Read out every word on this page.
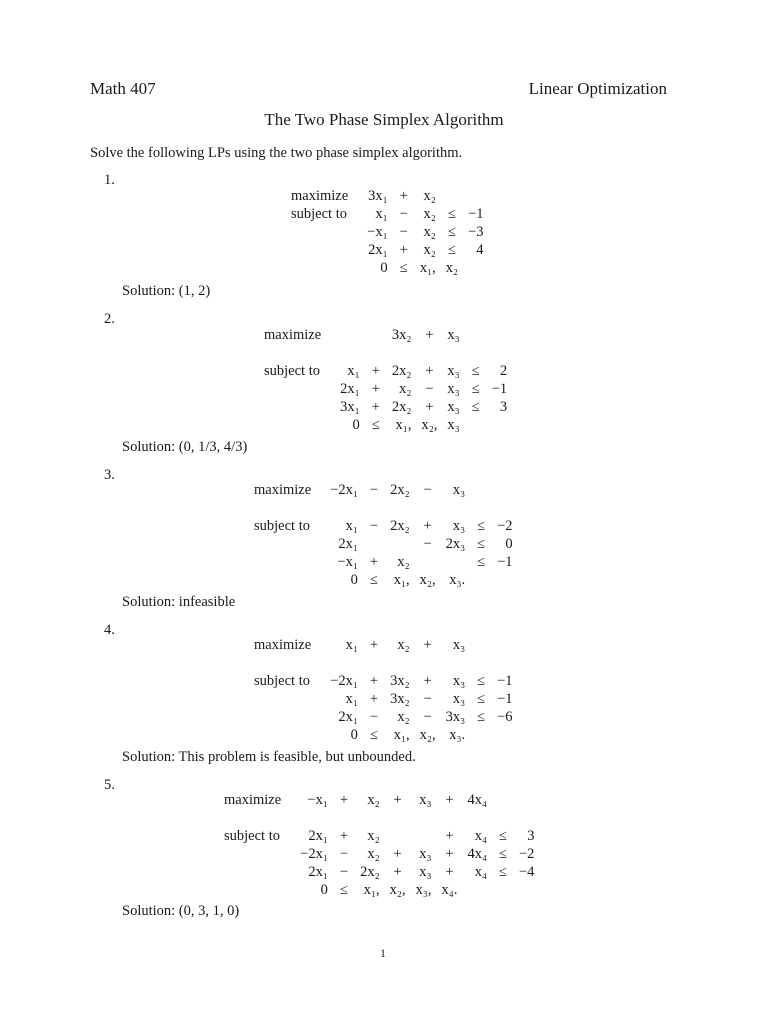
Math 407	Linear Optimization
The Two Phase Simplex Algorithm
Solve the following LPs using the two phase simplex algorithm.
1.
maximize	3x₁	+	x₂		
subject to	x₁	−	x₂	≤	−1
	−x₁	−	x₂	≤	−3
	2x₁	+	x₂	≤	4
	0	≤	x₁,	x₂	
Solution: (1, 2)
2.
maximize			3x₂	+	x₃		

subject to	x₁	+	2x₂	+	x₃	≤	2
	2x₁	+	x₂	−	x₃	≤	−1
	3x₁	+	2x₂	+	x₃	≤	3
	0	≤	x₁,	x₂,	x₃		
Solution: (0, 1/3, 4/3)
3.
maximize	−2x₁	−	2x₂	−	x₃		

subject to	x₁	−	2x₂	+	x₃	≤	−2
	2x₁			−	2x₃	≤	0
	−x₁	+	x₂			≤	−1
	0	≤	x₁,	x₂,	x₃.		
Solution: infeasible
4.
maximize	x₁	+	x₂	+	x₃		

subject to	−2x₁	+	3x₂	+	x₃	≤	−1
	x₁	+	3x₂	−	x₃	≤	−1
	2x₁	−	x₂	−	3x₃	≤	−6
	0	≤	x₁,	x₂,	x₃.		
Solution: This problem is feasible, but unbounded.
5.
maximize	−x₁	+	x₂	+	x₃	+	4x₄		

subject to	2x₁	+	x₂			+	x₄	≤	3
	−2x₁	−	x₂	+	x₃	+	4x₄	≤	−2
	2x₁	−	2x₂	+	x₃	+	x₄	≤	−4
	0	≤	x₁,	x₂,	x₃,	x₄.			
Solution: (0, 3, 1, 0)
1
